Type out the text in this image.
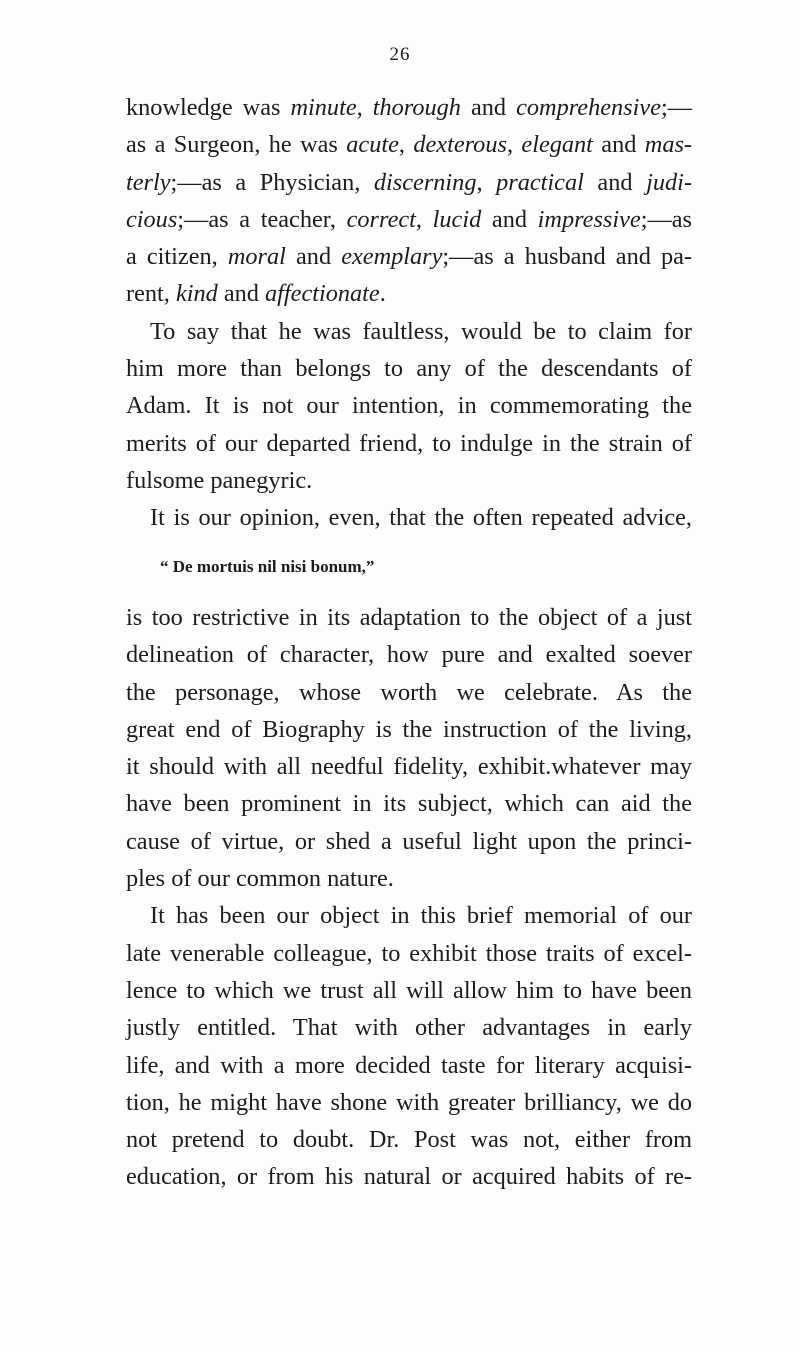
26
knowledge was minute, thorough and comprehensive;—
as a Surgeon, he was acute, dexterous, elegant and mas-
terly;—as a Physician, discerning, practical and judi-
cious;—as a teacher, correct, lucid and impressive;—as
a citizen, moral and exemplary;—as a husband and pa-
rent, kind and affectionate.
To say that he was faultless, would be to claim for
him more than belongs to any of the descendants of
Adam. It is not our intention, in commemorating the
merits of our departed friend, to indulge in the strain of
fulsome panegyric.
It is our opinion, even, that the often repeated advice,
“ De mortuis nil nisi bonum,”
is too restrictive in its adaptation to the object of a just
delineation of character, how pure and exalted soever
the personage, whose worth we celebrate. As the
great end of Biography is the instruction of the living,
it should with all needful fidelity, exhibit.whatever may
have been prominent in its subject, which can aid the
cause of virtue, or shed a useful light upon the princi-
ples of our common nature.
It has been our object in this brief memorial of our
late venerable colleague, to exhibit those traits of excel-
lence to which we trust all will allow him to have been
justly entitled. That with other advantages in early
life, and with a more decided taste for literary acquisi-
tion, he might have shone with greater brilliancy, we do
not pretend to doubt. Dr. Post was not, either from
education, or from his natural or acquired habits of re-
